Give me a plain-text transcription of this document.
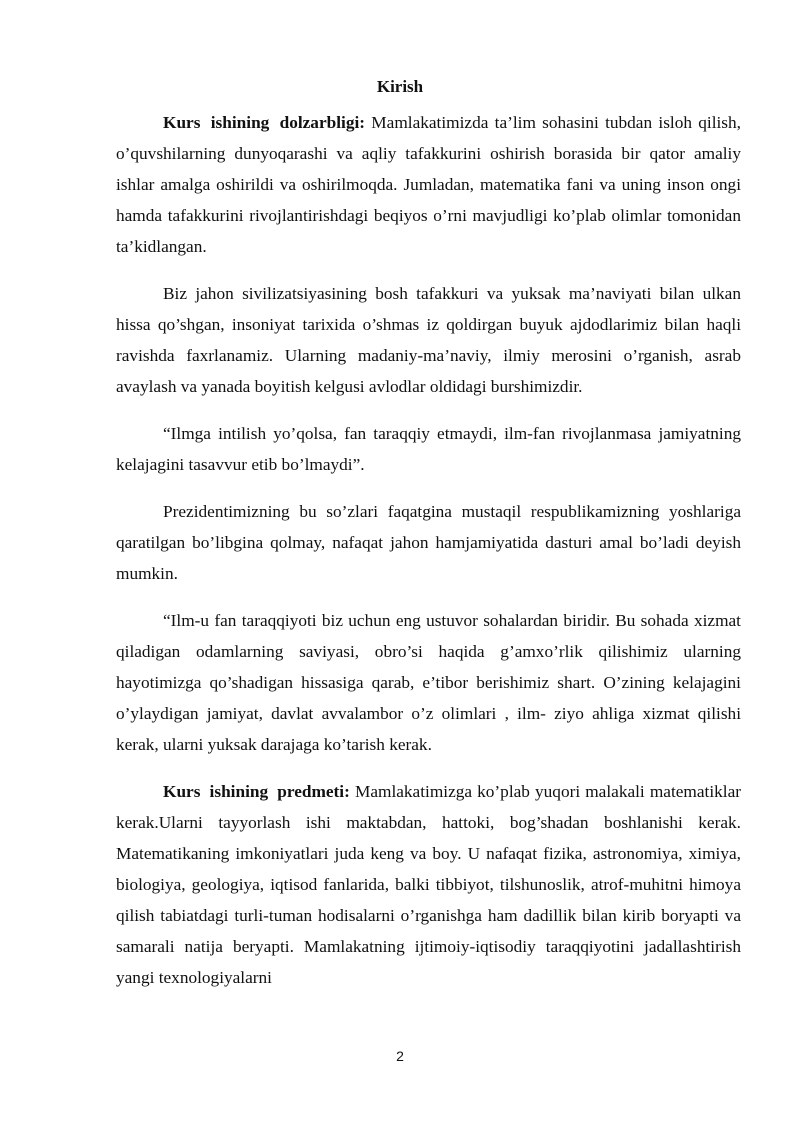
Kirish

Kurs ishining dolzarbligi: Mamlakatimizda ta’lim sohasini tubdan isloh qilish, o’quvshilarning dunyoqarashi va aqliy tafakkurini oshirish borasida bir qator amaliy ishlar amalga oshirildi va oshirilmoqda. Jumladan, matematika fani va uning inson ongi hamda tafakkurini rivojlantirishdagi beqiyos o’rni mavjudligi ko’plab olimlar tomonidan ta’kidlangan.

Biz jahon sivilizatsiyasining bosh tafakkuri va yuksak ma’naviyati bilan ulkan hissa qo’shgan, insoniyat tarixida o’shmas iz qoldirgan buyuk ajdodlarimiz bilan haqli ravishda faxrlanamiz. Ularning madaniy-ma’naviy, ilmiy merosini o’rganish, asrab avaylash va yanada boyitish kelgusi avlodlar oldidagi burshimizdir.

“Ilmga intilish yo’qolsa, fan taraqqiy etmaydi, ilm-fan rivojlanmasa jamiyatning kelajagini tasavvur etib bo’lmaydi”.

Prezidentimizning bu so’zlari faqatgina mustaqil respublikamizning yoshlariga qaratilgan bo’libgina qolmay, nafaqat jahon hamjamiyatida dasturi amal bo’ladi deyish mumkin.

“Ilm-u fan taraqqiyoti biz uchun eng ustuvor sohalardan biridir. Bu sohada xizmat qiladigan odamlarning saviyasi, obro’si haqida g’amxo’rlik qilishimiz ularning hayotimizga qo’shadigan hissasiga qarab, e’tibor berishimiz shart. O’zining kelajagini o’ylaydigan jamiyat, davlat avvalambor o’z olimlari , ilm- ziyo ahliga xizmat qilishi kerak, ularni yuksak darajaga ko’tarish kerak.

Kurs ishining predmeti: Mamlakatimizga ko’plab yuqori malakali matematiklar kerak.Ularni tayyorlash ishi maktabdan, hattoki, bog’shadan boshlanishi kerak. Matematikaning imkoniyatlari juda keng va boy. U nafaqat fizika, astronomiya, ximiya, biologiya, geologiya, iqtisod fanlarida, balki tibbiyot, tilshunoslik, atrof-muhitni himoya qilish tabiatdagi turli-tuman hodisalarni o’rganishga ham dadillik bilan kirib boryapti va samarali natija beryapti. Mamlakatning ijtimoiy-iqtisodiy taraqqiyotini jadallashtirish yangi texnologiyalarni

2
